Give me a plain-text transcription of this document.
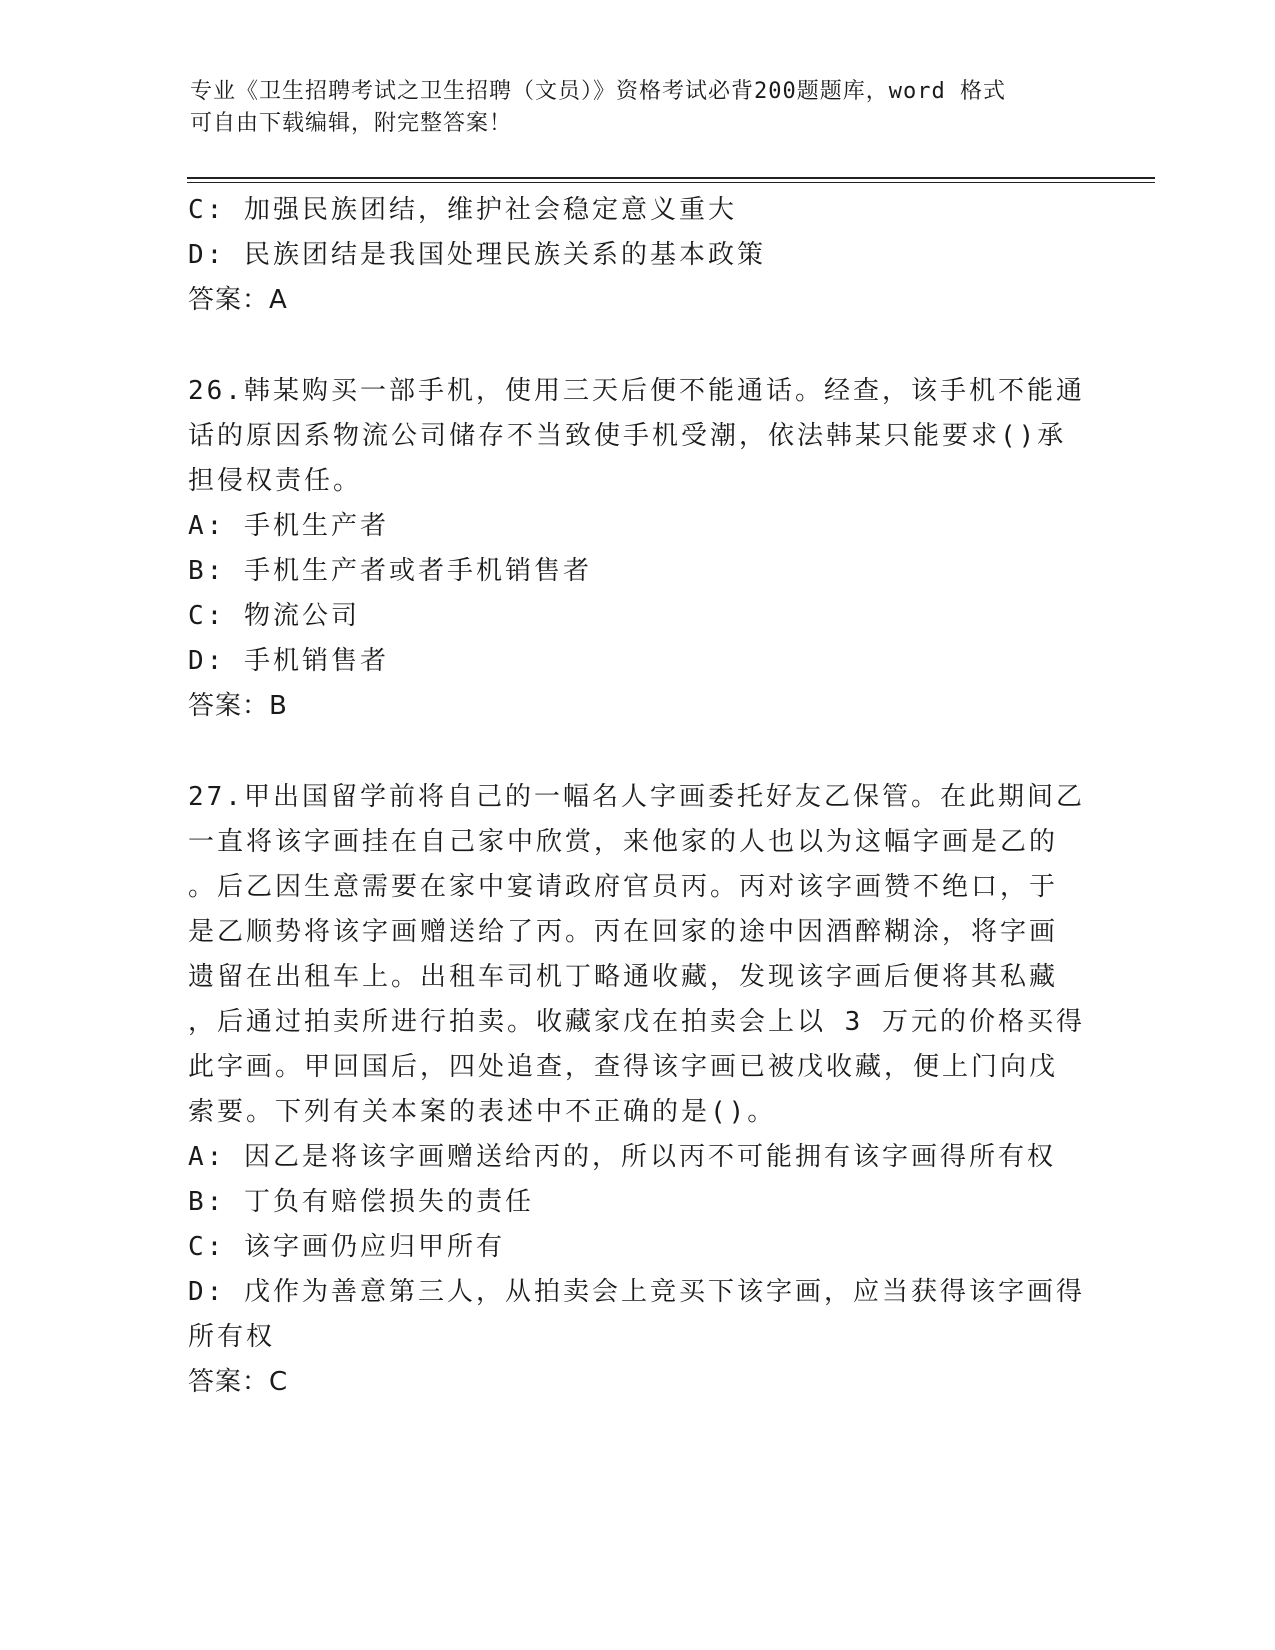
专业《卫生招聘考试之卫生招聘（文员）》资格考试必背200题题库，word 格式
可自由下载编辑，附完整答案！
C: 加强民族团结，维护社会稳定意义重大
D: 民族团结是我国处理民族关系的基本政策
答案：A
26.韩某购买一部手机，使用三天后便不能通话。经查，该手机不能通
话的原因系物流公司储存不当致使手机受潮，依法韩某只能要求()承
担侵权责任。
A: 手机生产者
B: 手机生产者或者手机销售者
C: 物流公司
D: 手机销售者
答案：B
27.甲出国留学前将自己的一幅名人字画委托好友乙保管。在此期间乙
一直将该字画挂在自己家中欣赏，来他家的人也以为这幅字画是乙的
。后乙因生意需要在家中宴请政府官员丙。丙对该字画赞不绝口，于
是乙顺势将该字画赠送给了丙。丙在回家的途中因酒醉糊涂，将字画
遗留在出租车上。出租车司机丁略通收藏，发现该字画后便将其私藏
，后通过拍卖所进行拍卖。收藏家戊在拍卖会上以 3 万元的价格买得
此字画。甲回国后，四处追查，查得该字画已被戊收藏，便上门向戊
索要。下列有关本案的表述中不正确的是()。
A: 因乙是将该字画赠送给丙的，所以丙不可能拥有该字画得所有权
B: 丁负有赔偿损失的责任
C: 该字画仍应归甲所有
D: 戊作为善意第三人，从拍卖会上竞买下该字画，应当获得该字画得
所有权
答案：C
